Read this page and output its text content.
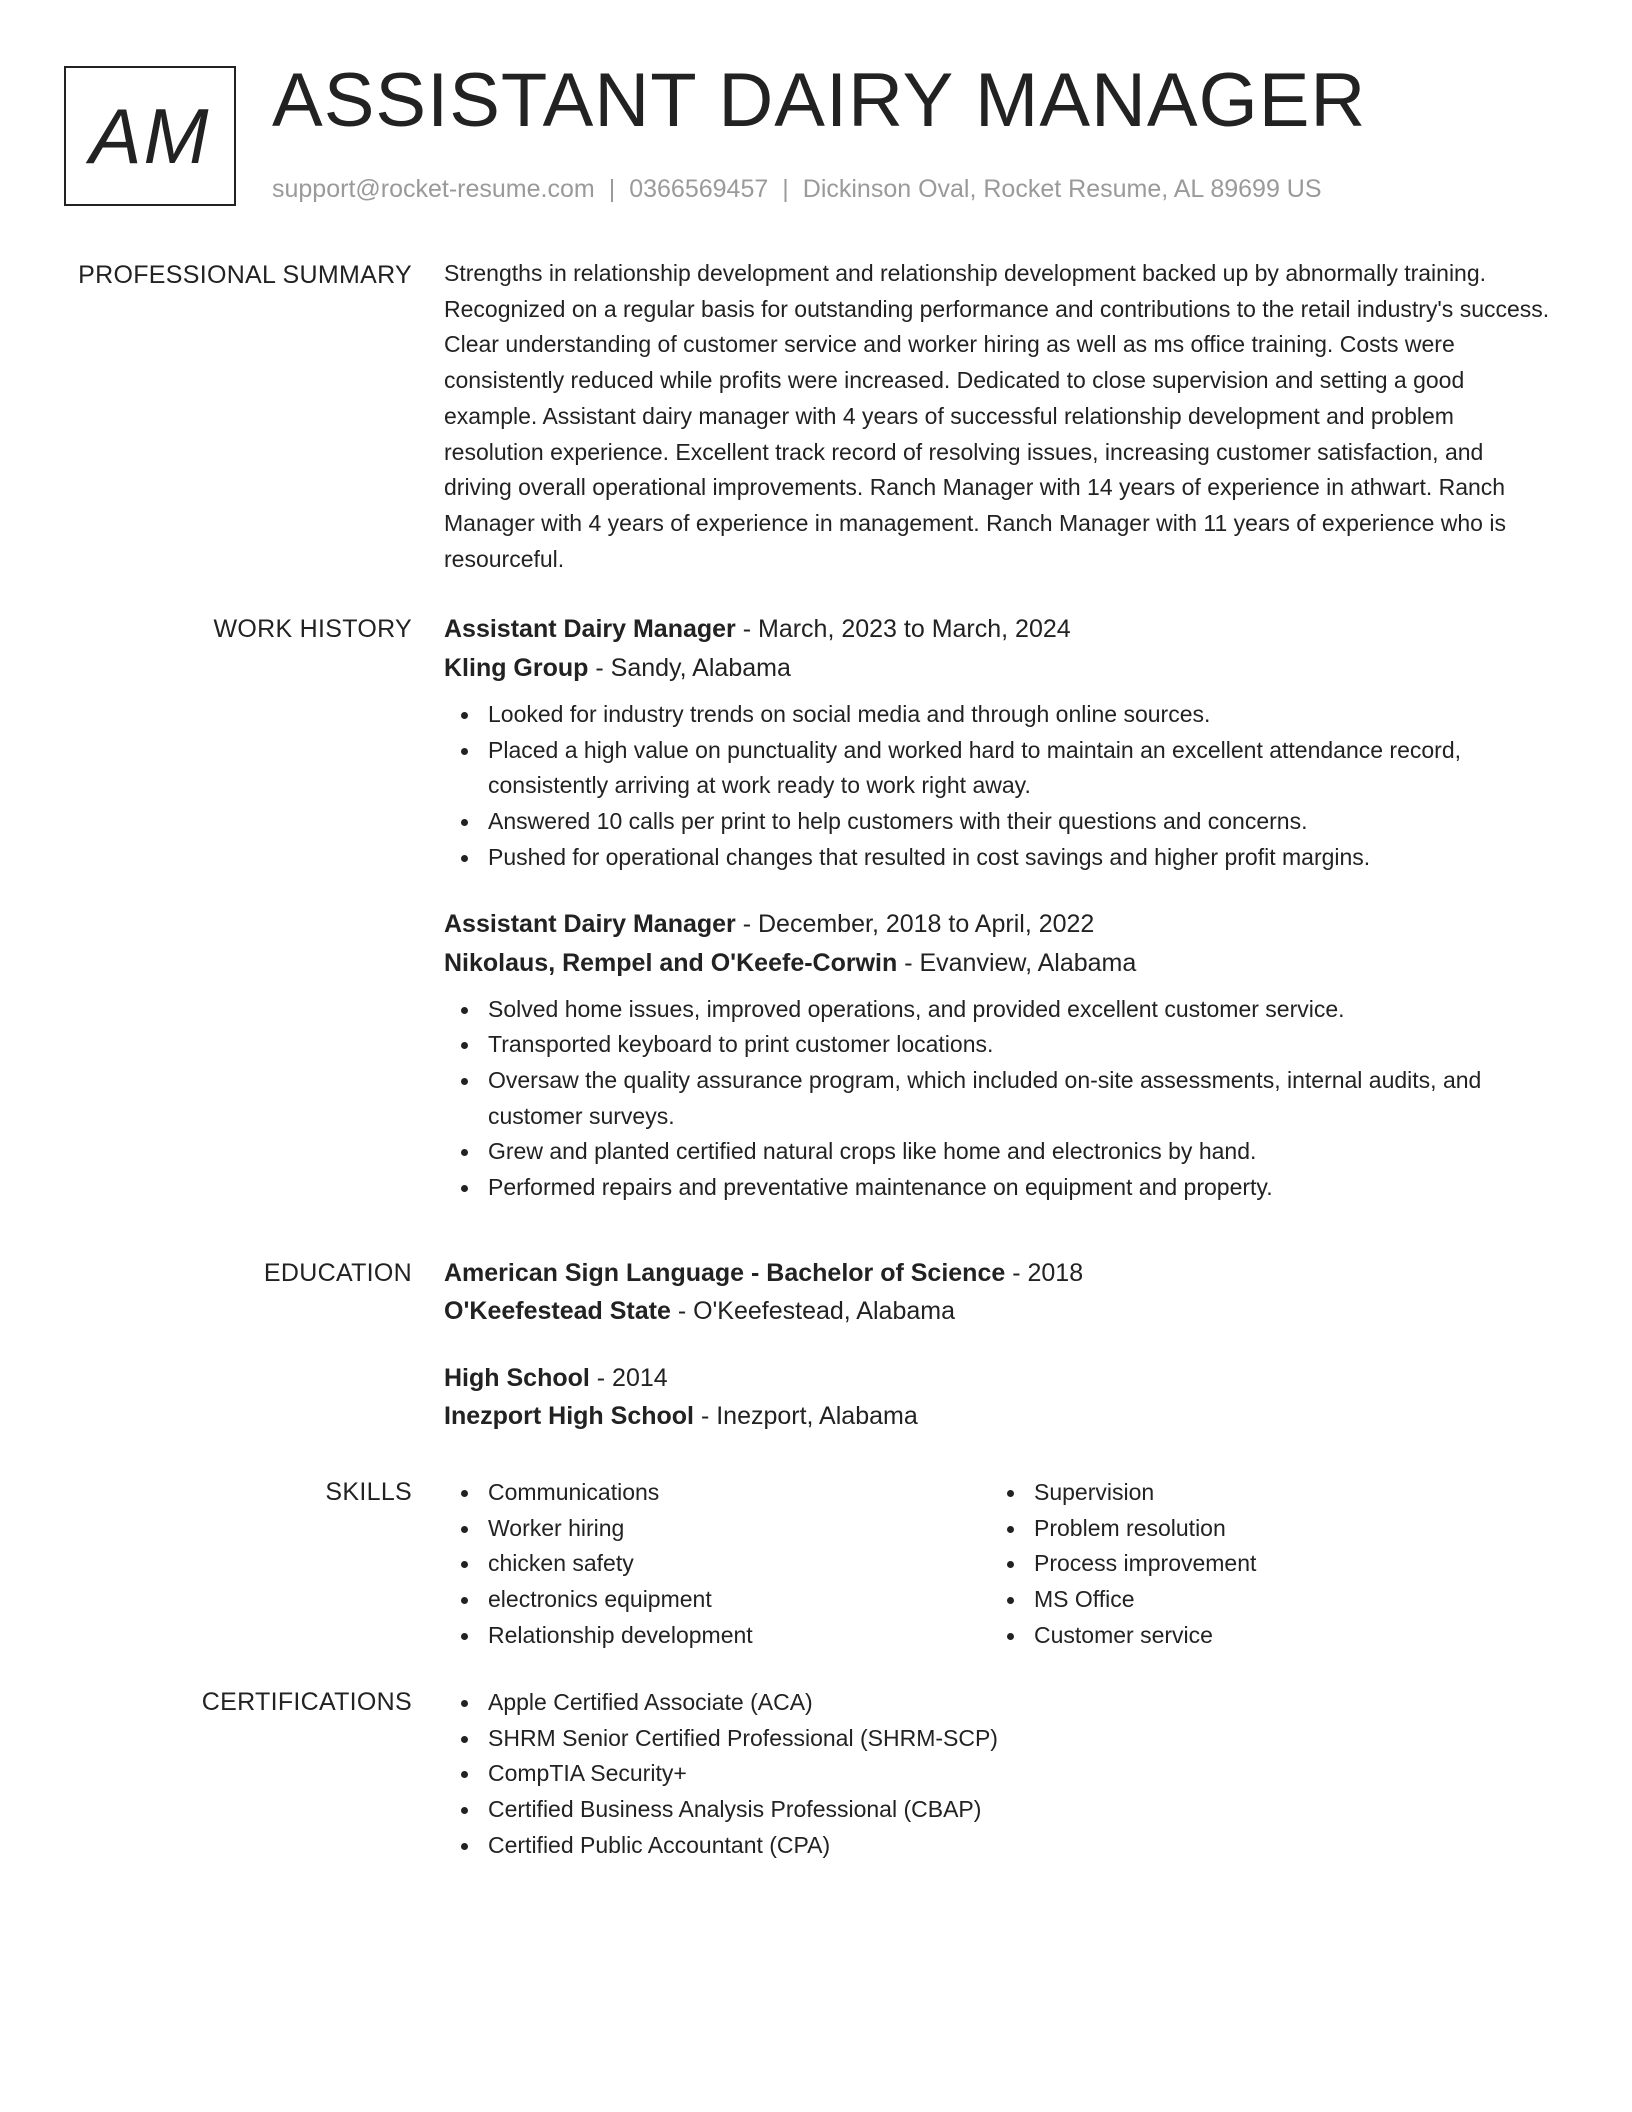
AM ASSISTANT DAIRY MANAGER
support@rocket-resume.com | 0366569457 | Dickinson Oval, Rocket Resume, AL 89699 US
PROFESSIONAL SUMMARY Strengths in relationship development and relationship development backed up by abnormally training. Recognized on a regular basis for outstanding performance and contributions to the retail industry's success. Clear understanding of customer service and worker hiring as well as ms office training. Costs were consistently reduced while profits were increased. Dedicated to close supervision and setting a good example. Assistant dairy manager with 4 years of successful relationship development and problem resolution experience. Excellent track record of resolving issues, increasing customer satisfaction, and driving overall operational improvements. Ranch Manager with 14 years of experience in athwart. Ranch Manager with 4 years of experience in management. Ranch Manager with 11 years of experience who is resourceful.

WORK HISTORY Assistant Dairy Manager - March, 2023 to March, 2024

Kling Group - Sandy, Alabama

Looked for industry trends on social media and through online sources.
Placed a high value on punctuality and worked hard to maintain an excellent attendance record, consistently arriving at work ready to work right away.
Answered 10 calls per print to help customers with their questions and concerns.
Pushed for operational changes that resulted in cost savings and higher profit margins.

Assistant Dairy Manager - December, 2018 to April, 2022

Nikolaus, Rempel and O'Keefe-Corwin - Evanview, Alabama

Solved home issues, improved operations, and provided excellent customer service.
Transported keyboard to print customer locations.
Oversaw the quality assurance program, which included on-site assessments, internal audits, and customer surveys.
Grew and planted certified natural crops like home and electronics by hand.
Performed repairs and preventative maintenance on equipment and property.
EDUCATION American Sign Language - Bachelor of Science - 2018

O'Keefestead State - O'Keefestead, Alabama

High School - 2014

Inezport High School - Inezport, Alabama

SKILLS	Communications
Worker hiring
chicken safety
electronics equipment
Relationship development
Supervision
Problem resolution
Process improvement
MS Office
Customer service
CERTIFICATIONS	Apple Certified Associate (ACA)
SHRM Senior Certified Professional (SHRM-SCP)
CompTIA Security+
Certified Business Analysis Professional (CBAP)
Certified Public Accountant (CPA)
